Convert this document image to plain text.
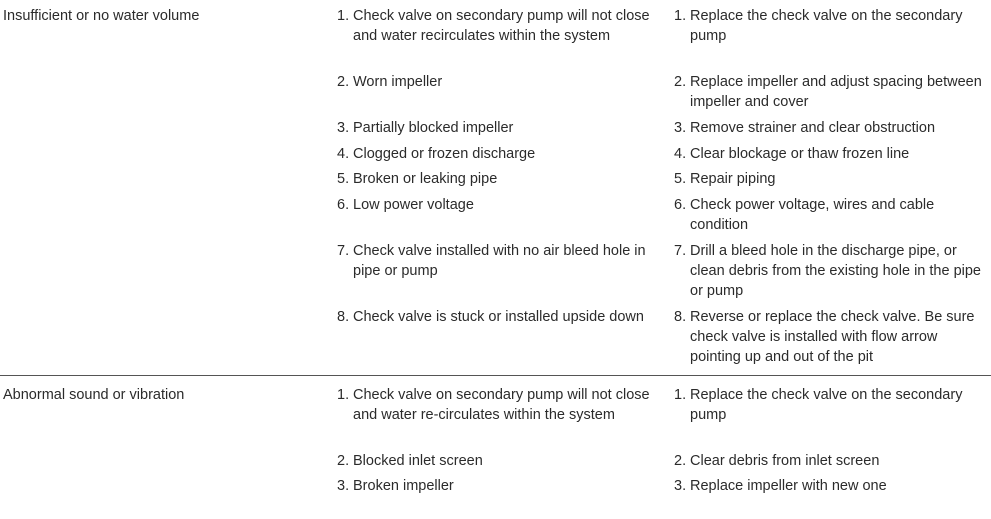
Insufficient or no water volume	1. Check valve on secondary pump will not close and water recirculates within the system
2. Worn impeller
3. Partially blocked impeller
4. Clogged or frozen discharge
5. Broken or leaking pipe
6. Low power voltage
7. Check valve installed with no air bleed hole in pipe or pump
8. Check valve is stuck or installed upside down
1. Replace the check valve on the secondary pump
2. Replace impeller and adjust spacing between impeller and cover
3. Remove strainer and clear obstruction
4. Clear blockage or thaw frozen line
5. Repair piping
6. Check power voltage, wires and cable condition
7. Drill a bleed hole in the discharge pipe, or clean debris from the existing hole in the pipe or pump
8. Reverse or replace the check valve. Be sure check valve is installed with flow arrow pointing up and out of the pit
Abnormal sound or vibration	1. Check valve on secondary pump will not close and water re-circulates within the system
2. Blocked inlet screen
3. Broken impeller
1. Replace the check valve on the secondary pump
2. Clear debris from inlet screen
3. Replace impeller with new one
